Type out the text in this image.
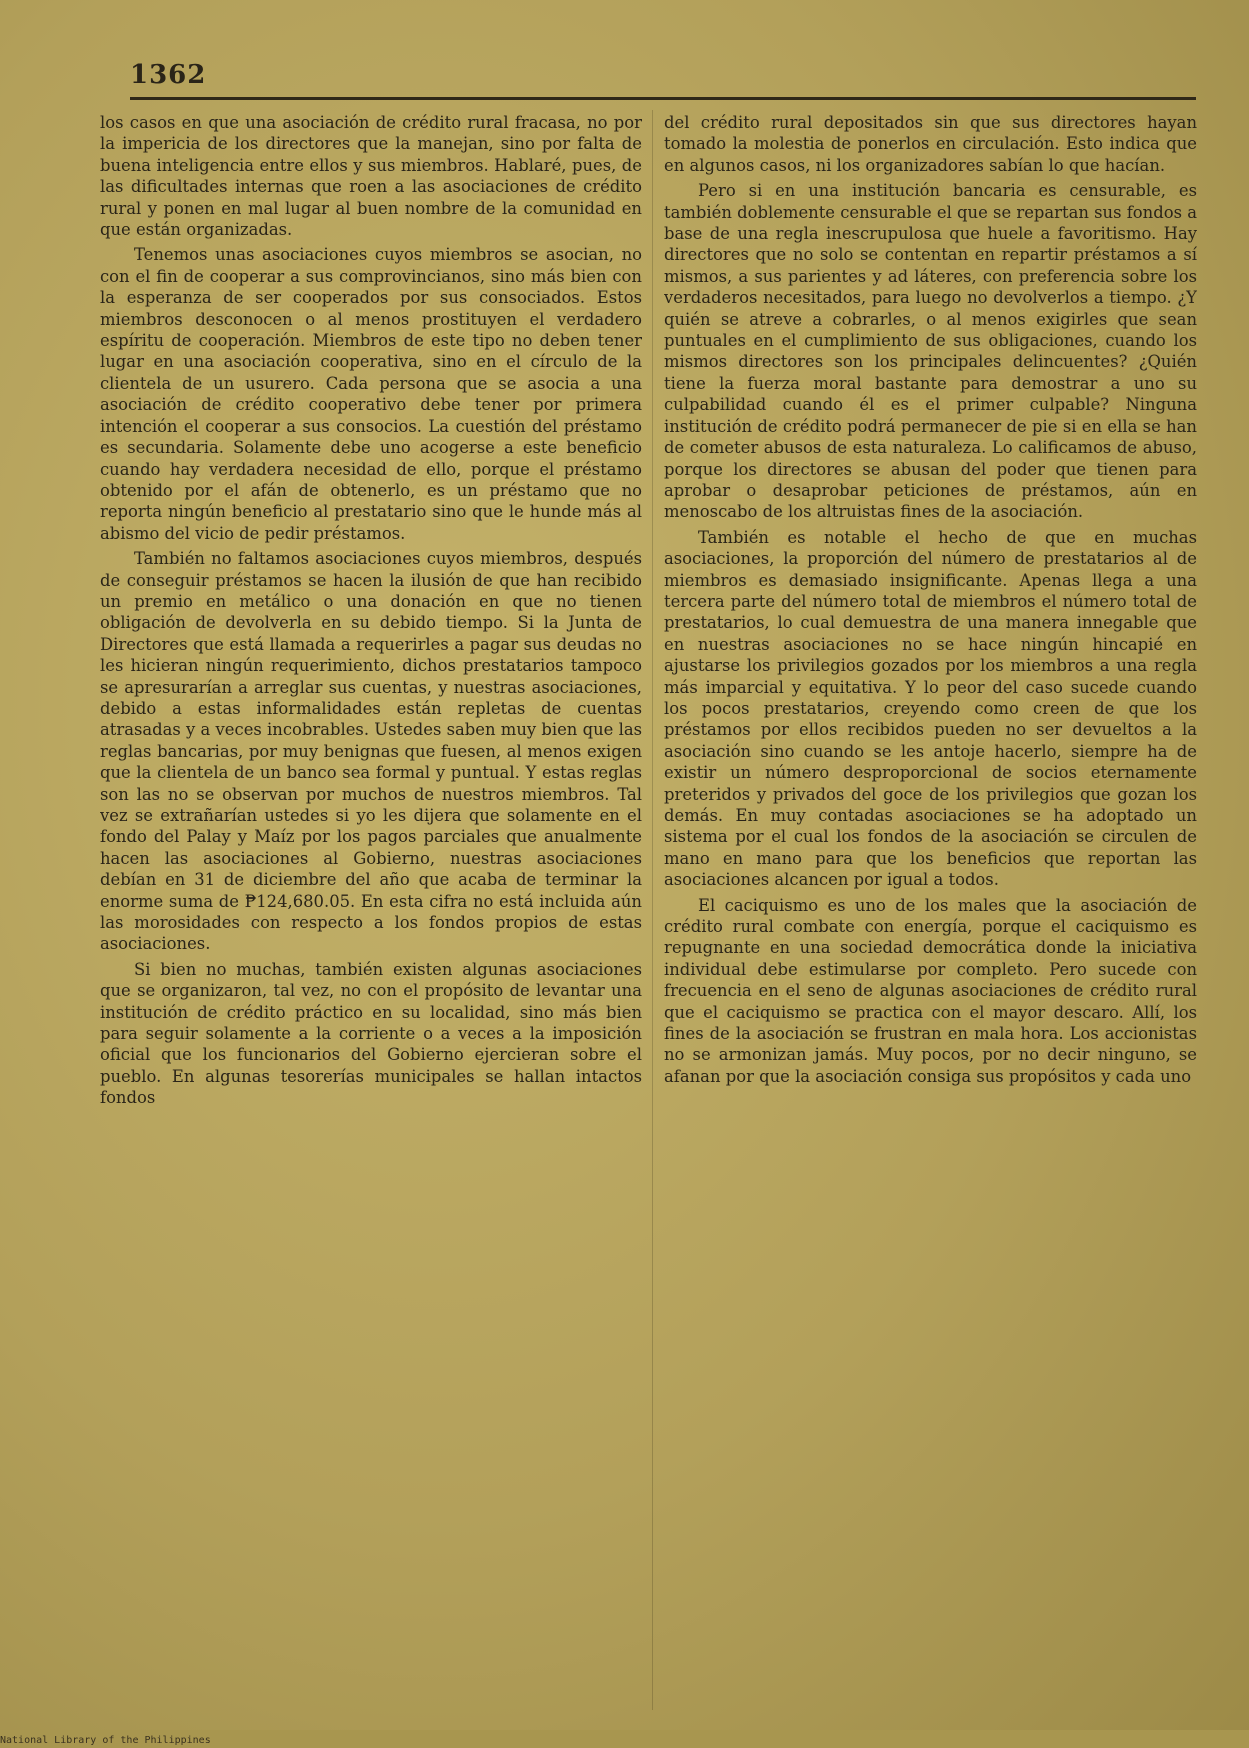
1362

los casos en que una asociación de crédito rural fracasa, no por la impericia de los directores que la manejan, sino por falta de buena inteligencia entre ellos y sus miembros. Hablaré, pues, de las dificultades internas que roen a las asociaciones de crédito rural y ponen en mal lugar al buen nombre de la comunidad en que están organizadas.

Tenemos unas asociaciones cuyos miembros se asocian, no con el fin de cooperar a sus comprovincianos, sino más bien con la esperanza de ser cooperados por sus consociados. Estos miembros desconocen o al menos prostituyen el verdadero espíritu de cooperación. Miembros de este tipo no deben tener lugar en una asociación cooperativa, sino en el círculo de la clientela de un usurero. Cada persona que se asocia a una asociación de crédito cooperativo debe tener por primera intención el cooperar a sus consocios. La cuestión del préstamo es secundaria. Solamente debe uno acogerse a este beneficio cuando hay verdadera necesidad de ello, porque el préstamo obtenido por el afán de obtenerlo, es un préstamo que no reporta ningún beneficio al prestatario sino que le hunde más al abismo del vicio de pedir préstamos.

También no faltamos asociaciones cuyos miembros, después de conseguir préstamos se hacen la ilusión de que han recibido un premio en metálico o una donación en que no tienen obligación de devolverla en su debido tiempo. Si la Junta de Directores que está llamada a requerirles a pagar sus deudas no les hicieran ningún requerimiento, dichos prestatarios tampoco se apresurarían a arreglar sus cuentas, y nuestras asociaciones, debido a estas informalidades están repletas de cuentas atrasadas y a veces incobrables. Ustedes saben muy bien que las reglas bancarias, por muy benignas que fuesen, al menos exigen que la clientela de un banco sea formal y puntual. Y estas reglas son las no se observan por muchos de nuestros miembros. Tal vez se extrañarían ustedes si yo les dijera que solamente en el fondo del Palay y Maíz por los pagos parciales que anualmente hacen las asociaciones al Gobierno, nuestras asociaciones debían en 31 de diciembre del año que acaba de terminar la enorme suma de ₱124,680.05. En esta cifra no está incluida aún las morosidades con respecto a los fondos propios de estas asociaciones.

Si bien no muchas, también existen algunas asociaciones que se organizaron, tal vez, no con el propósito de levantar una institución de crédito práctico en su localidad, sino más bien para seguir solamente a la corriente o a veces a la imposición oficial que los funcionarios del Gobierno ejercieran sobre el pueblo. En algunas tesorerías municipales se hallan intactos fondos

del crédito rural depositados sin que sus directores hayan tomado la molestia de ponerlos en circulación. Esto indica que en algunos casos, ni los organizadores sabían lo que hacían.

Pero si en una institución bancaria es censurable, es también doblemente censurable el que se repartan sus fondos a base de una regla inescrupulosa que huele a favoritismo. Hay directores que no solo se contentan en repartir préstamos a sí mismos, a sus parientes y ad láteres, con preferencia sobre los verdaderos necesitados, para luego no devolverlos a tiempo. ¿Y quién se atreve a cobrarles, o al menos exigirles que sean puntuales en el cumplimiento de sus obligaciones, cuando los mismos directores son los principales delincuentes? ¿Quién tiene la fuerza moral bastante para demostrar a uno su culpabilidad cuando él es el primer culpable? Ninguna institución de crédito podrá permanecer de pie si en ella se han de cometer abusos de esta naturaleza. Lo calificamos de abuso, porque los directores se abusan del poder que tienen para aprobar o desaprobar peticiones de préstamos, aún en menoscabo de los altruistas fines de la asociación.

También es notable el hecho de que en muchas asociaciones, la proporción del número de prestatarios al de miembros es demasiado insignificante. Apenas llega a una tercera parte del número total de miembros el número total de prestatarios, lo cual demuestra de una manera innegable que en nuestras asociaciones no se hace ningún hincapié en ajustarse los privilegios gozados por los miembros a una regla más imparcial y equitativa. Y lo peor del caso sucede cuando los pocos prestatarios, creyendo como creen de que los préstamos por ellos recibidos pueden no ser devueltos a la asociación sino cuando se les antoje hacerlo, siempre ha de existir un número desproporcional de socios eternamente preteridos y privados del goce de los privilegios que gozan los demás. En muy contadas asociaciones se ha adoptado un sistema por el cual los fondos de la asociación se circulen de mano en mano para que los beneficios que reportan las asociaciones alcancen por igual a todos.

El caciquismo es uno de los males que la asociación de crédito rural combate con energía, porque el caciquismo es repugnante en una sociedad democrática donde la iniciativa individual debe estimularse por completo. Pero sucede con frecuencia en el seno de algunas asociaciones de crédito rural que el caciquismo se practica con el mayor descaro. Allí, los fines de la asociación se frustran en mala hora. Los accionistas no se armonizan jamás. Muy pocos, por no decir ninguno, se afanan por que la asociación consiga sus propósitos y cada uno

National Library of the Philippines
